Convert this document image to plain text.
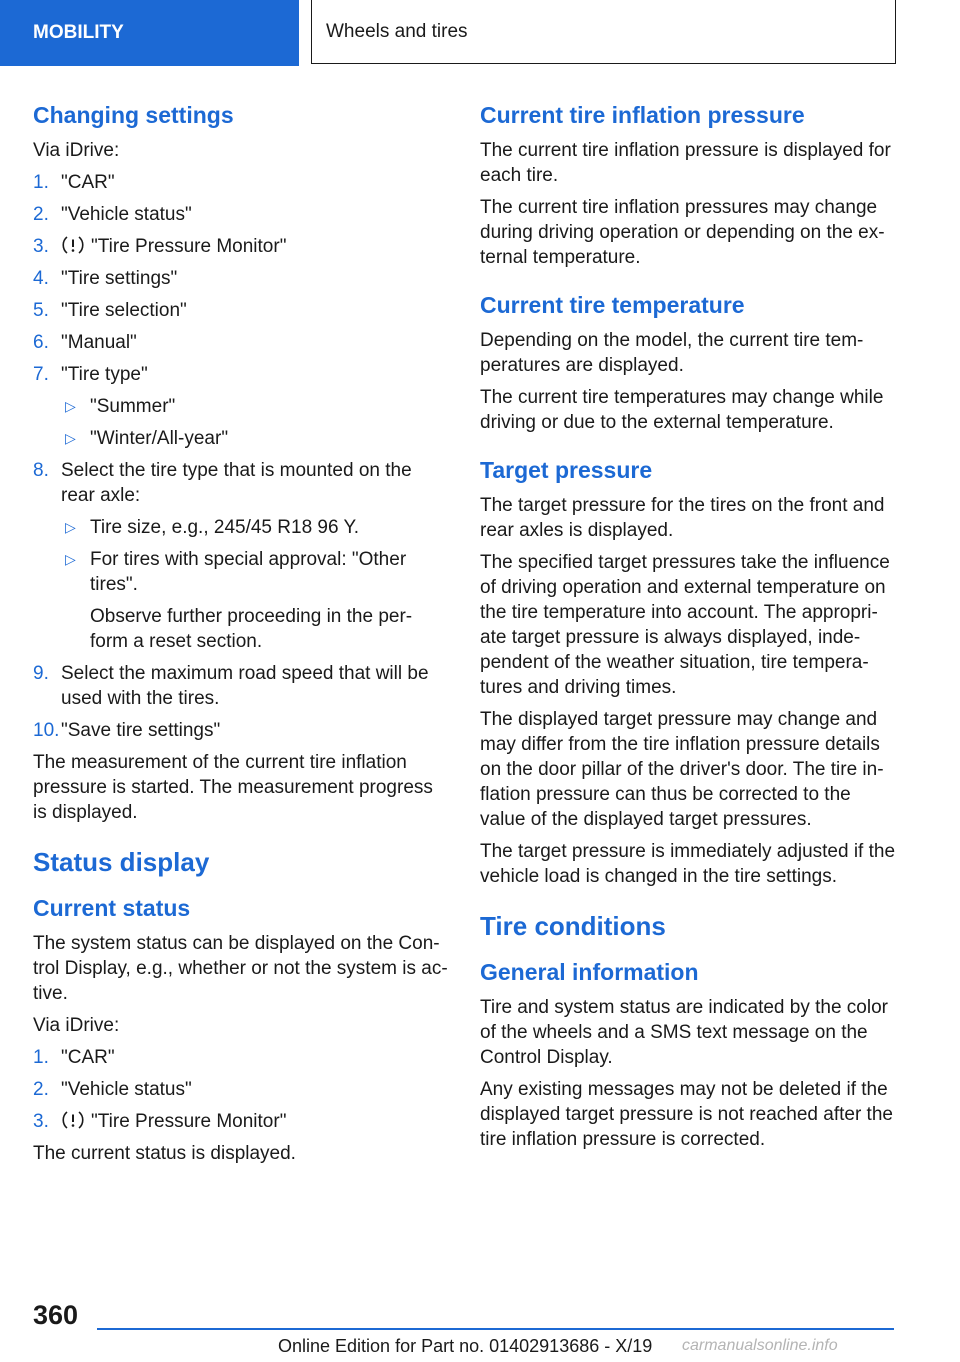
MOBILITY	Wheels and tires
Changing settings

Via iDrive:

1. "CAR"
2. "Vehicle status"
3. "Tire Pressure Monitor"
4. "Tire settings"
5. "Tire selection"
6. "Manual"
7. "Tire type"
▷ "Summer"
▷ "Winter/All-year"
8. Select the tire type that is mounted on the rear axle:
▷ Tire size, e.g., 245/45 R18 96 Y.
▷ For tires with special approval: "Other tires".
Observe further proceeding in the per‐ form a reset section.
9. Select the maximum road speed that will be used with the tires.
10. "Save tire settings"

The measurement of the current tire inflation pressure is started. The measurement progress is displayed.

Status display
Current status

The system status can be displayed on the Con‐ trol Display, e.g., whether or not the system is ac‐ tive.

Via iDrive:

1. "CAR"
2. "Vehicle status"
3. "Tire Pressure Monitor"

The current status is displayed.

Current tire inflation pressure

The current tire inflation pressure is displayed for each tire.

The current tire inflation pressures may change during driving operation or depending on the ex‐ ternal temperature.

Current tire temperature

Depending on the model, the current tire tem‐ peratures are displayed.

The current tire temperatures may change while driving or due to the external temperature.

Target pressure

The target pressure for the tires on the front and rear axles is displayed.

The specified target pressures take the influence of driving operation and external temperature on the tire temperature into account. The appropri‐ ate target pressure is always displayed, inde‐ pendent of the weather situation, tire tempera‐ tures and driving times.

The displayed target pressure may change and may differ from the tire inflation pressure details on the door pillar of the driver's door. The tire in‐ flation pressure can thus be corrected to the value of the displayed target pressures.

The target pressure is immediately adjusted if the vehicle load is changed in the tire settings.

Tire conditions
General information

Tire and system status are indicated by the color of the wheels and a SMS text message on the Control Display.

Any existing messages may not be deleted if the displayed target pressure is not reached after the tire inflation pressure is corrected.

360
Online Edition for Part no. 01402913686 - X/19 carmanualsonline.info
